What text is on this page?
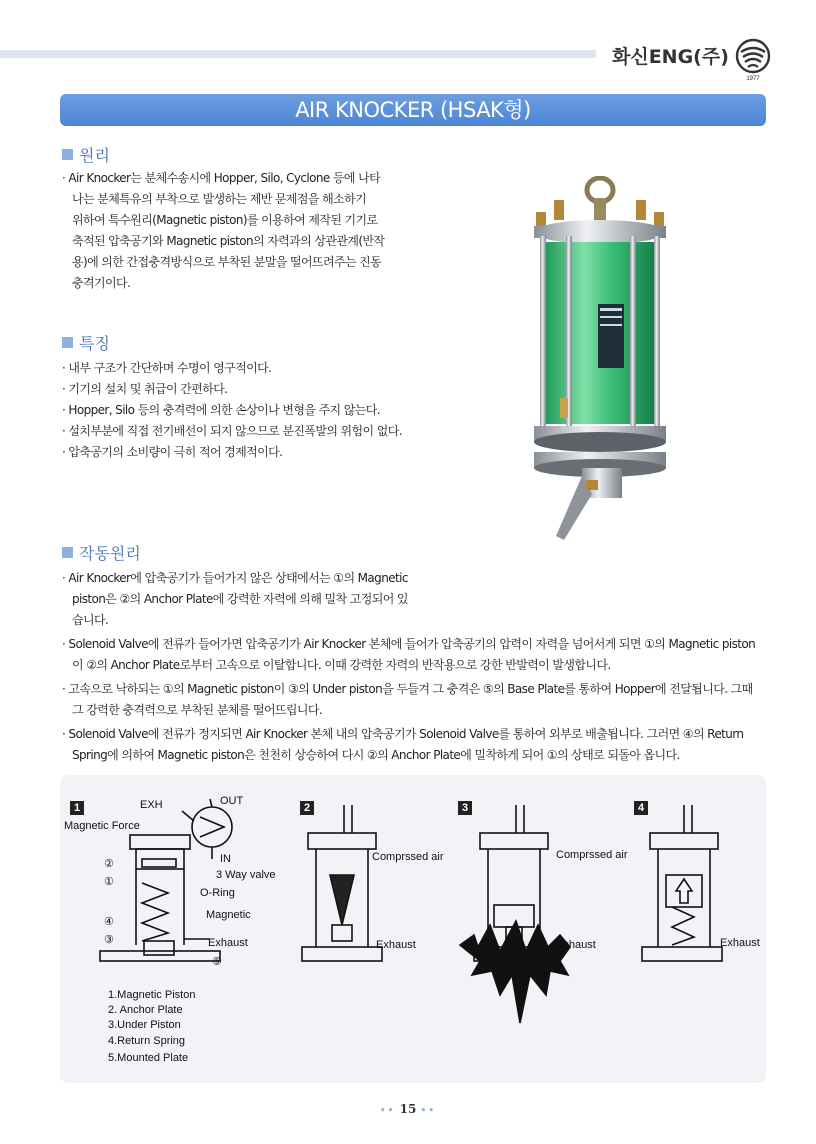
화신ENG(주)
1977
AIR KNOCKER (HSAK형)
원리

· Air Knocker는 분체수송시에 Hopper, Silo, Cyclone 등에 나타

나는 분체특유의 부착으로 발생하는 제반 문제점을 해소하기

위하여 특수원리(Magnetic piston)를 이용하여 제작된 기기로

축적된 압축공기와 Magnetic piston의 자력과의 상관관계(반작

용)에 의한 간접충격방식으로 부착된 분말을 떨어뜨려주는 진동

충격기이다.

특징

· 내부 구조가 간단하며 수명이 영구적이다.

· 기기의 설치 및 취급이 간편하다.

· Hopper, Silo 등의 충격력에 의한 손상이나 변형을 주지 않는다.

· 설치부분에 직접 전기배선이 되지 않으므로 분진폭발의 위험이 없다.

· 압축공기의 소비량이 극히 적어 경제적이다.

작동원리

· Air Knocker에 압축공기가 들어가지 않은 상태에서는 ①의 Magnetic piston은 ②의 Anchor Plate에 강력한 자력에 의해 밀착 고정되어 있습니다.

· Solenoid Valve에 전류가 들어가면 압축공기가 Air Knocker 본체에 들어가 압축공기의 압력이 자력을 넘어서게 되면 ①의 Magnetic piston이 ②의 Anchor Plate로부터 고속으로 이탈합니다. 이때 강력한 자력의 반작용으로 강한 반발력이 발생합니다.

· 고속으로 낙하되는 ①의 Magnetic piston이 ③의 Under piston을 두들겨 그 충격은 ⑤의 Base Plate를 통하여 Hopper에 전달됩니다. 그때 그 강력한 충격력으로 부착된 분체를 떨어뜨립니다.

· Solenoid Valve에 전류가 정지되면 Air Knocker 본체 내의 압축공기가 Solenoid Valve를 통하여 외부로 배출됩니다. 그러면 ④의 Return Spring에 의하여 Magnetic piston은 천천히 상승하여 다시 ②의 Anchor Plate에 밀착하게 되어 ①의 상태로 되돌아 옵니다.

1	2	3	4
EXH	OUT
IN
Magnetic Force
3 Way valve
O-Ring
Magnetic
Exhaust
②
①
④
③
⑤
Comprssed air
Exhaust
Comprssed air
Exhaust	Exhaust
1.Magnetic Piston
2. Anchor Plate
3.Under Piston
4.Return Spring
5.Mounted Plate
•• 15 ••
